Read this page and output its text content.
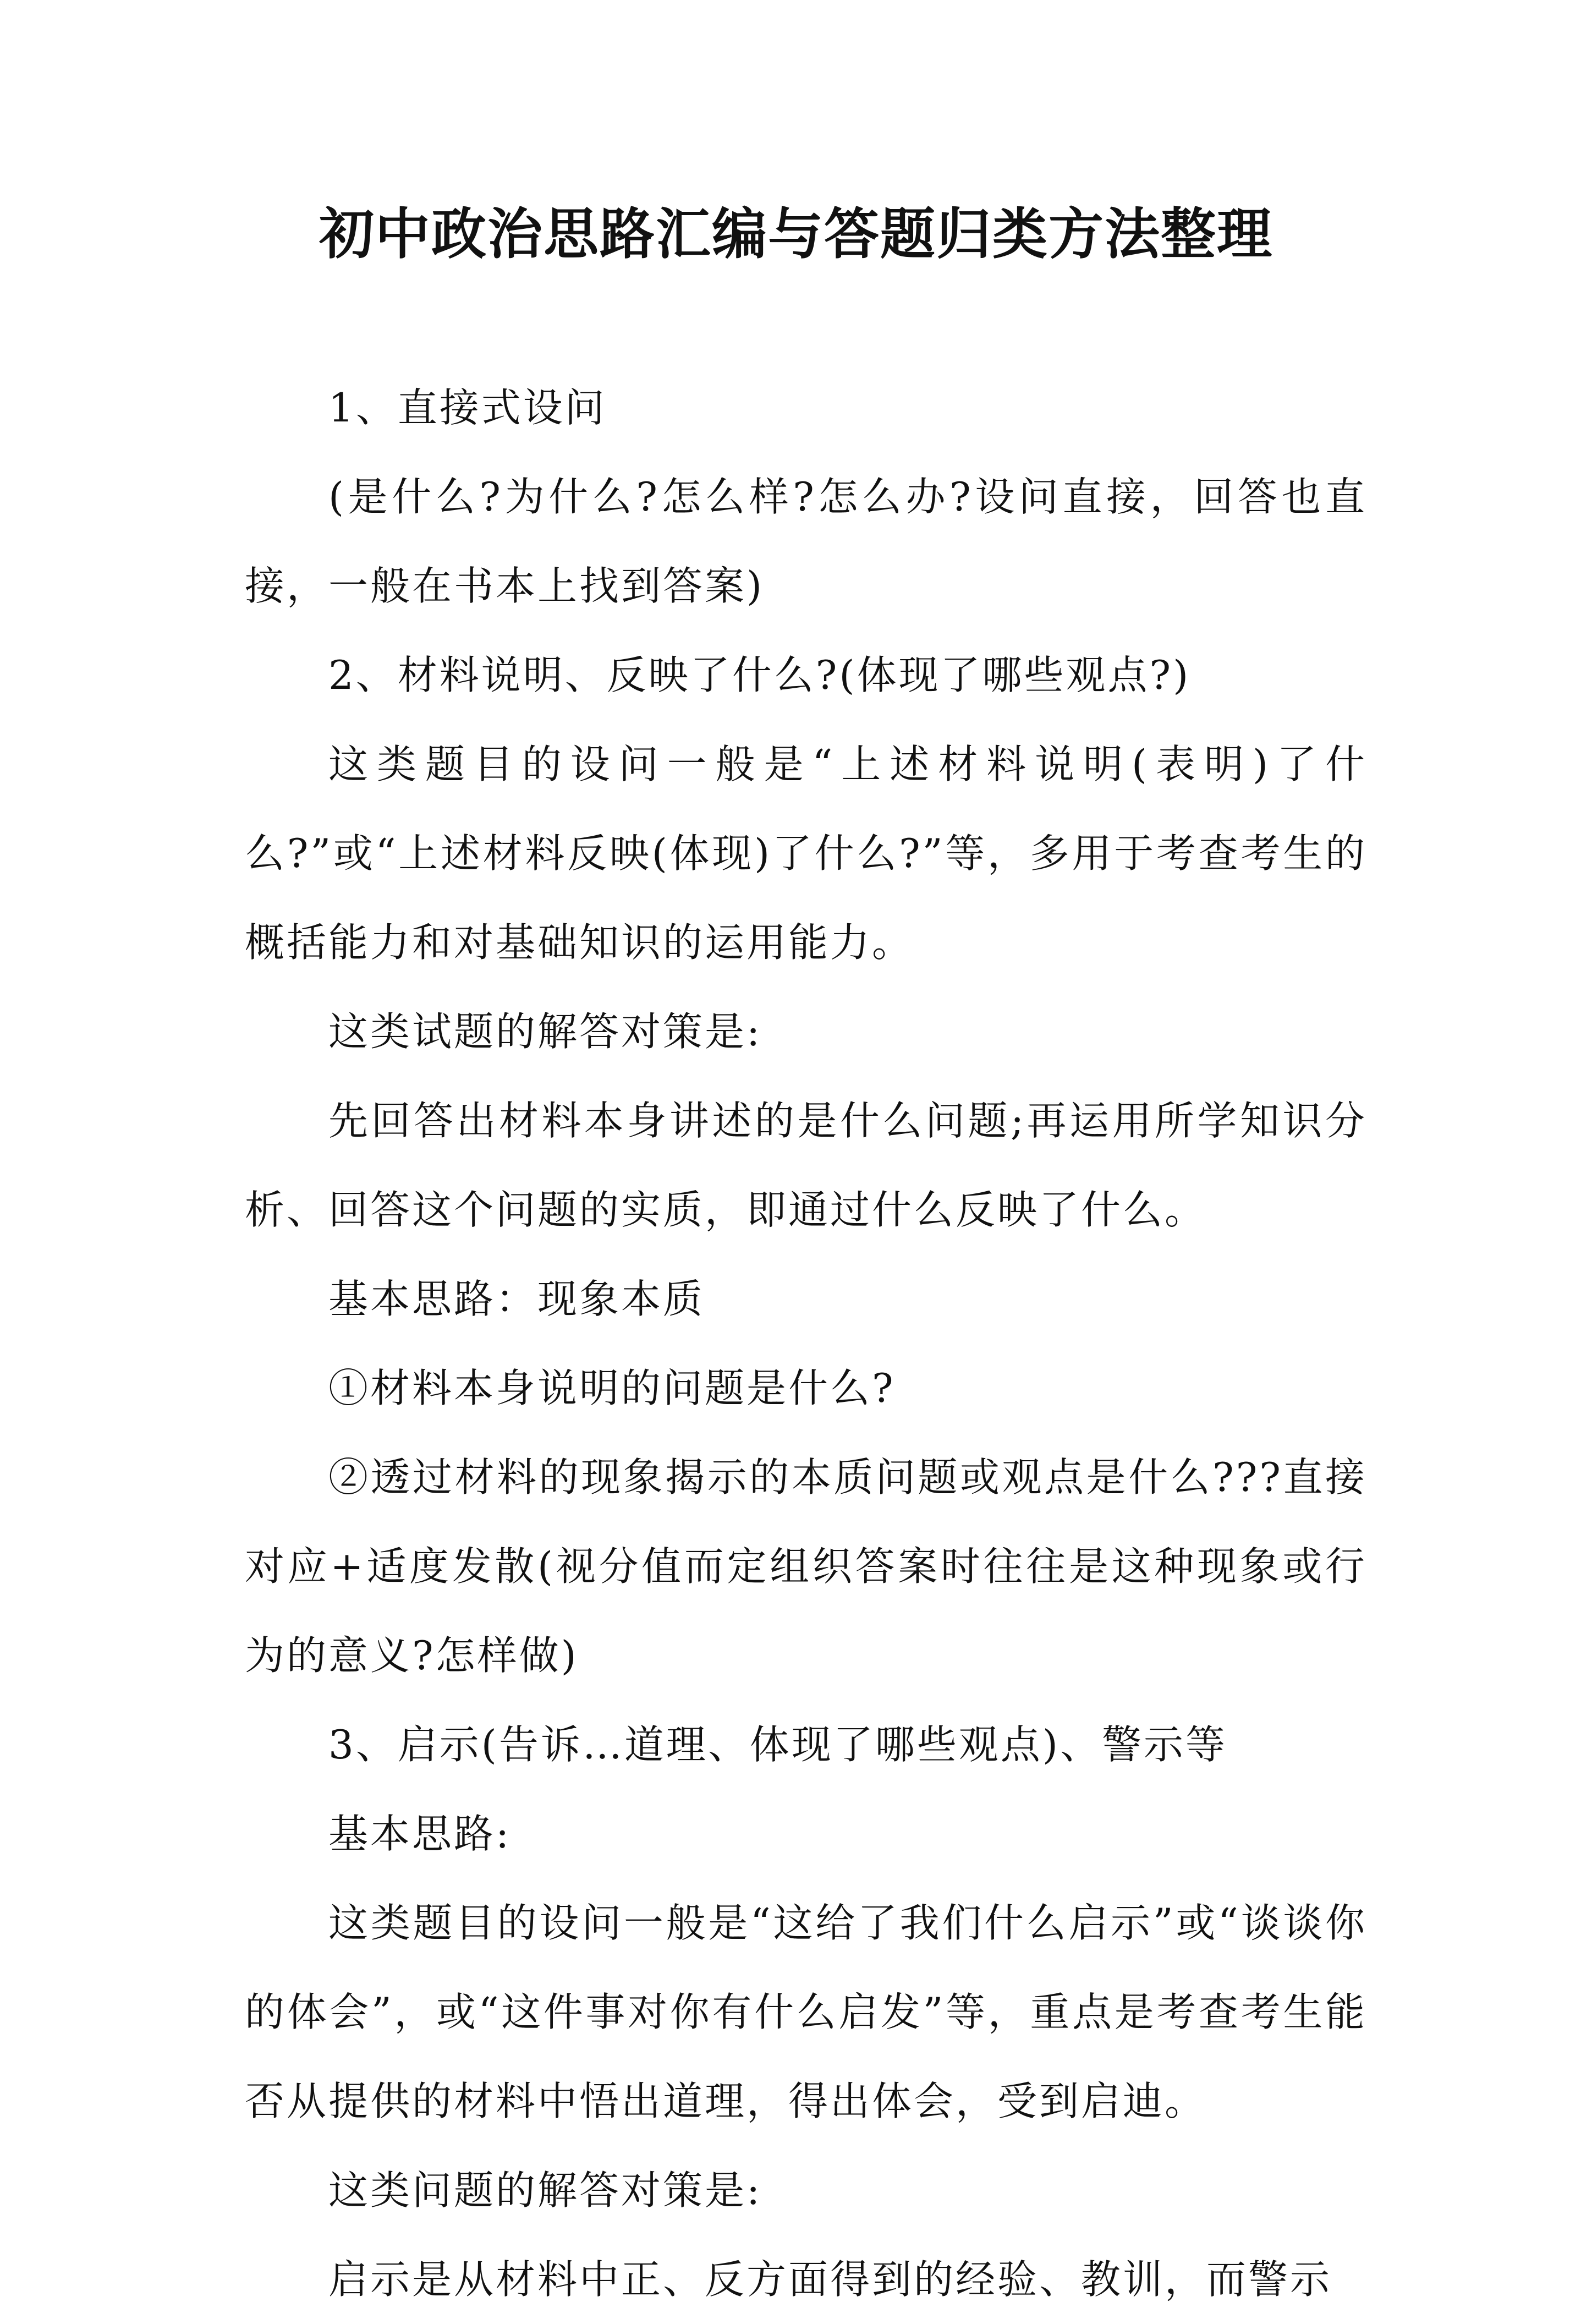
初中政治思路汇编与答题归类方法整理

1、直接式设问

(是什么?为什么?怎么样?怎么办?设问直接，回答也直接，一般在书本上找到答案)

2、材料说明、反映了什么?(体现了哪些观点?)

这类题目的设问一般是“上述材料说明(表明)了什么?”或“上述材料反映(体现)了什么?”等，多用于考查考生的概括能力和对基础知识的运用能力。

这类试题的解答对策是:

先回答出材料本身讲述的是什么问题;再运用所学知识分析、回答这个问题的实质，即通过什么反映了什么。

基本思路：现象本质

①材料本身说明的问题是什么?

②透过材料的现象揭示的本质问题或观点是什么???直接对应+适度发散(视分值而定组织答案时往往是这种现象或行为的意义?怎样做)

3、启示(告诉…道理、体现了哪些观点)、警示等

基本思路:

这类题目的设问一般是“这给了我们什么启示”或“谈谈你的体会”，或“这件事对你有什么启发”等，重点是考查考生能否从提供的材料中悟出道理，得出体会，受到启迪。

这类问题的解答对策是:

启示是从材料中正、反方面得到的经验、教训，而警示
